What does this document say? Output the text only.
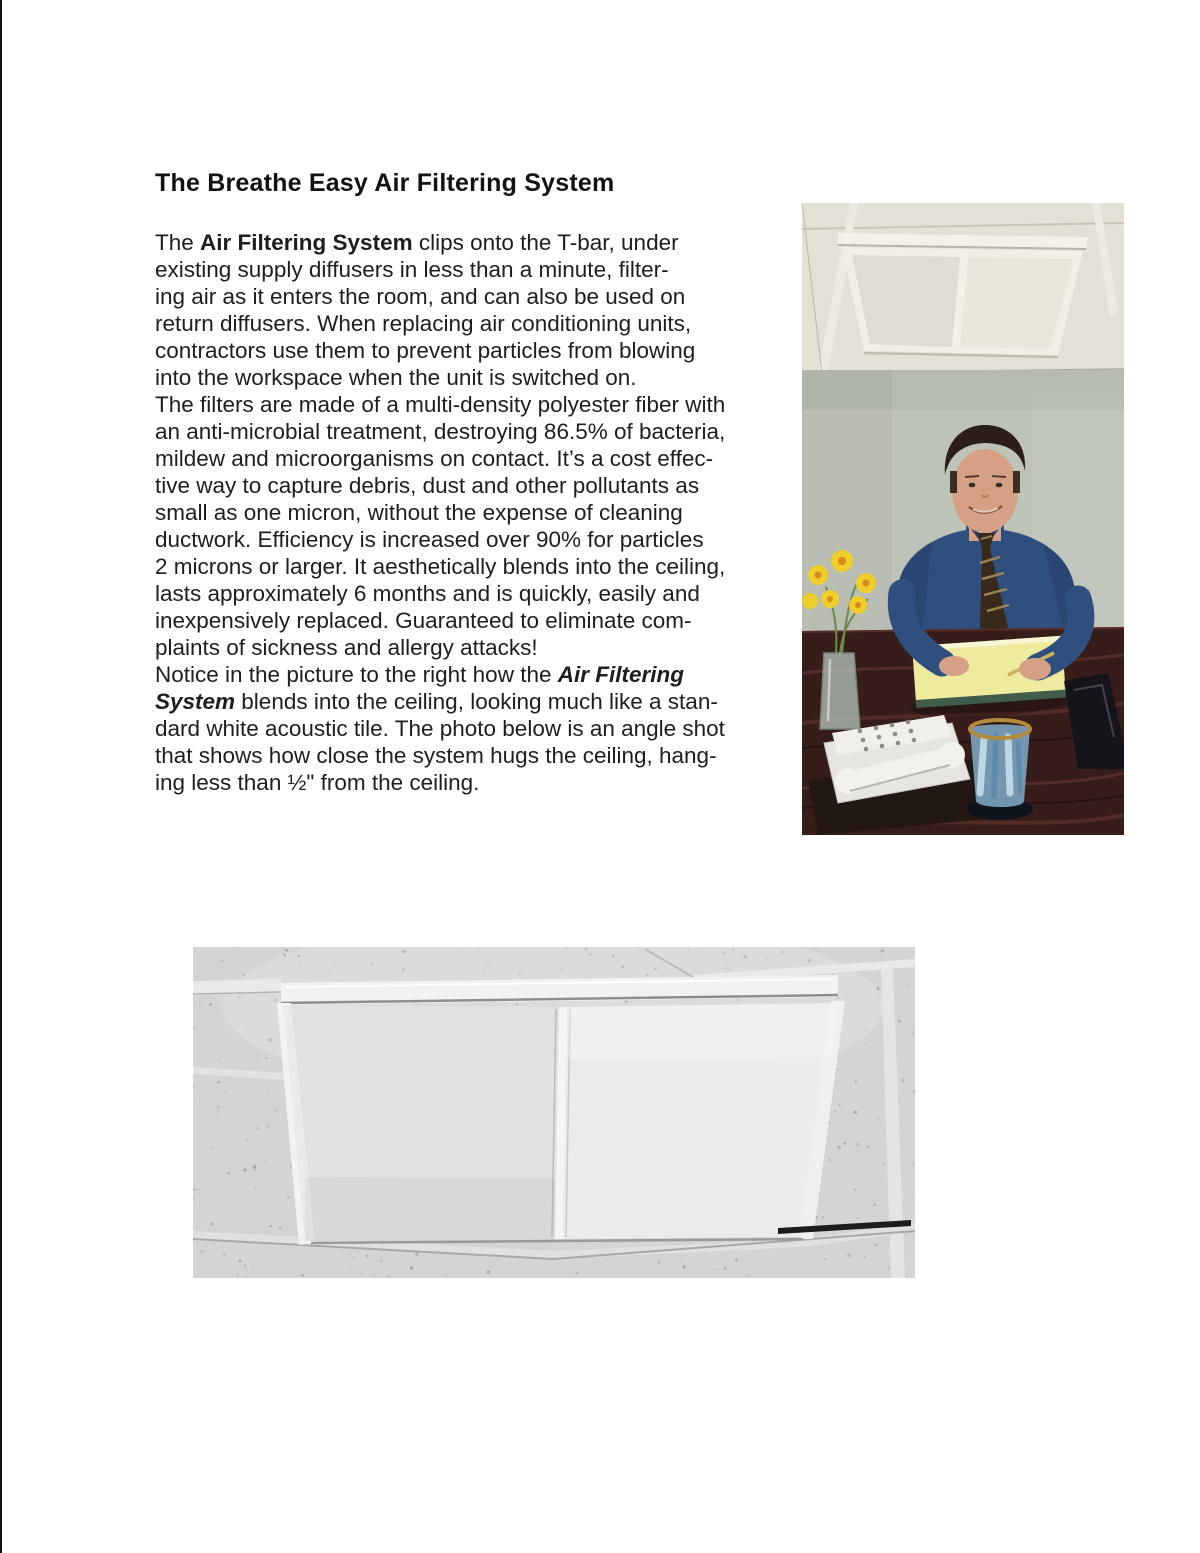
The Breathe Easy Air Filtering System
The Air Filtering System clips onto the T-bar, under
existing supply diffusers in less than a minute, filter-
ing air as it enters the room, and can also be used on
return diffusers. When replacing air conditioning units,
contractors use them to prevent particles from blowing
into the workspace when the unit is switched on.
The filters are made of a multi-density polyester fiber with
an anti-microbial treatment, destroying 86.5% of bacteria,
mildew and microorganisms on contact. It’s a cost effec-
tive way to capture debris, dust and other pollutants as
small as one micron, without the expense of cleaning
ductwork. Efficiency is increased over 90% for particles
2 microns or larger. It aesthetically blends into the ceiling,
lasts approximately 6 months and is quickly, easily and
inexpensively replaced. Guaranteed to eliminate com-
plaints of sickness and allergy attacks!
Notice in the picture to the right how the Air Filtering
System blends into the ceiling, looking much like a stan-
dard white acoustic tile. The photo below is an angle shot
that shows how close the system hugs the ceiling, hang-
ing less than ½" from the ceiling.
